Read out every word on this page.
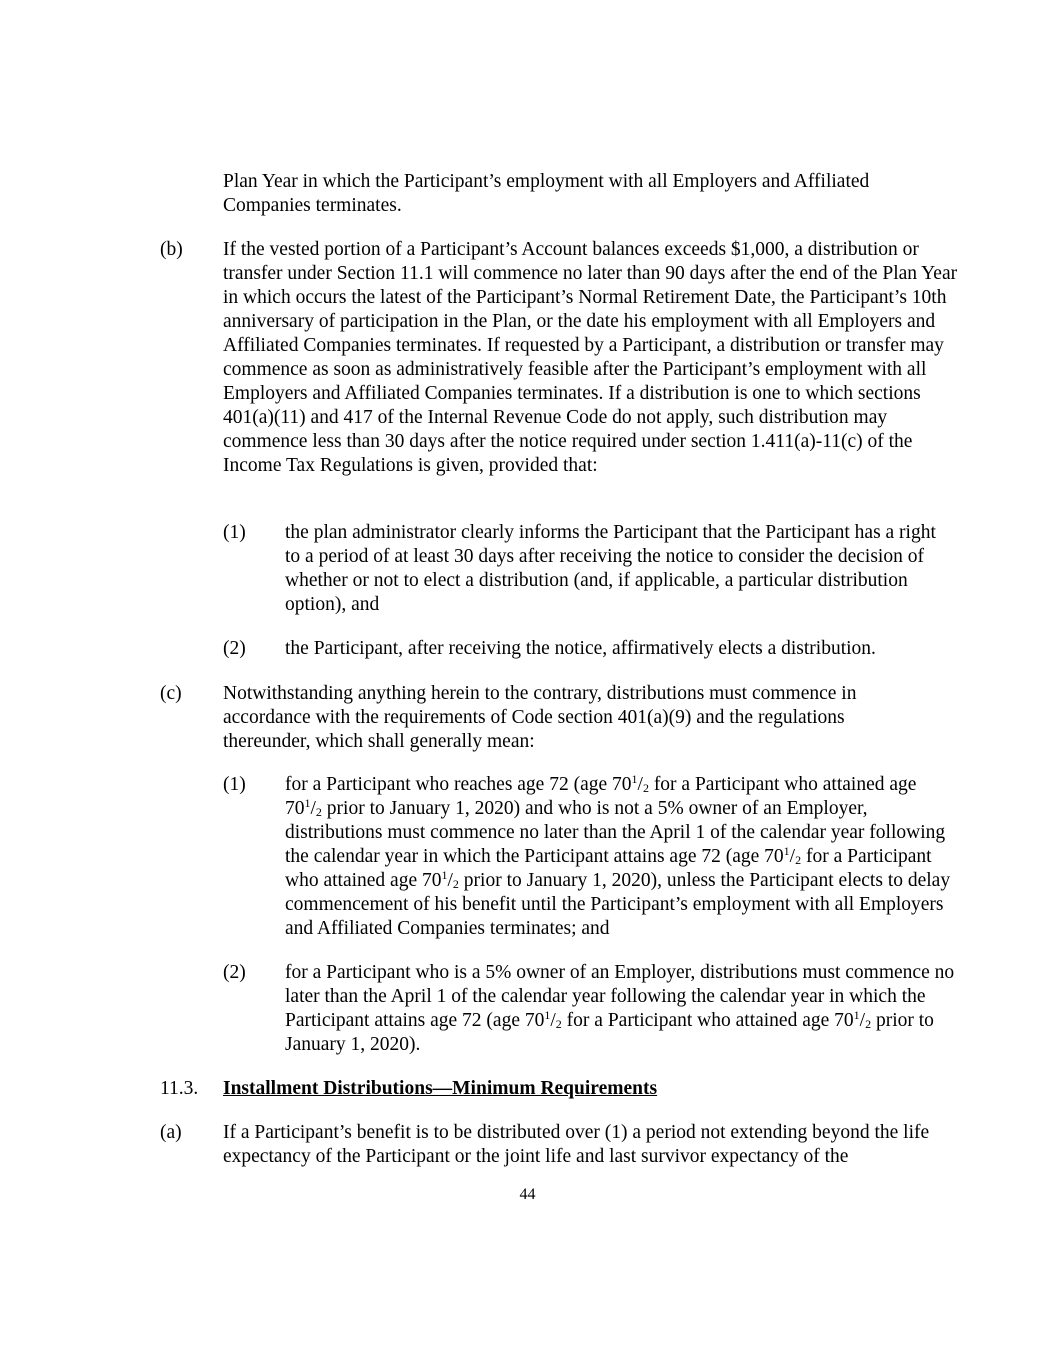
Plan Year in which the Participant’s employment with all Employers and Affiliated Companies terminates.

(b) If the vested portion of a Participant’s Account balances exceeds $1,000, a distribution or transfer under Section 11.1 will commence no later than 90 days after the end of the Plan Year in which occurs the latest of the Participant’s Normal Retirement Date, the Participant’s 10th anniversary of participation in the Plan, or the date his employment with all Employers and Affiliated Companies terminates. If requested by a Participant, a distribution or transfer may commence as soon as administratively feasible after the Participant’s employment with all Employers and Affiliated Companies terminates. If a distribution is one to which sections 401(a)(11) and 417 of the Internal Revenue Code do not apply, such distribution may commence less than 30 days after the notice required under section 1.411(a)-11(c) of the Income Tax Regulations is given, provided that:

(1) the plan administrator clearly informs the Participant that the Participant has a right to a period of at least 30 days after receiving the notice to consider the decision of whether or not to elect a distribution (and, if applicable, a particular distribution option), and

(2) the Participant, after receiving the notice, affirmatively elects a distribution.

(c) Notwithstanding anything herein to the contrary, distributions must commence in accordance with the requirements of Code section 401(a)(9) and the regulations thereunder, which shall generally mean:

(1) for a Participant who reaches age 72 (age $70^1/_2$ for a Participant who attained age $70^1/_2$ prior to January 1, 2020) and who is not a 5% owner of an Employer, distributions must commence no later than the April 1 of the calendar year following the calendar year in which the Participant attains age 72 (age $70^1/_2$ for a Participant who attained age $70^1/_2$ prior to January 1, 2020), unless the Participant elects to delay commencement of his benefit until the Participant’s employment with all Employers and Affiliated Companies terminates; and

(2) for a Participant who is a 5% owner of an Employer, distributions must commence no later than the April 1 of the calendar year following the calendar year in which the Participant attains age 72 (age $70^1/_2$ for a Participant who attained age $70^1/_2$ prior to January 1, 2020).

11.3. Installment Distributions—Minimum Requirements

(a) If a Participant’s benefit is to be distributed over (1) a period not extending beyond the life expectancy of the Participant or the joint life and last survivor expectancy of the

44
